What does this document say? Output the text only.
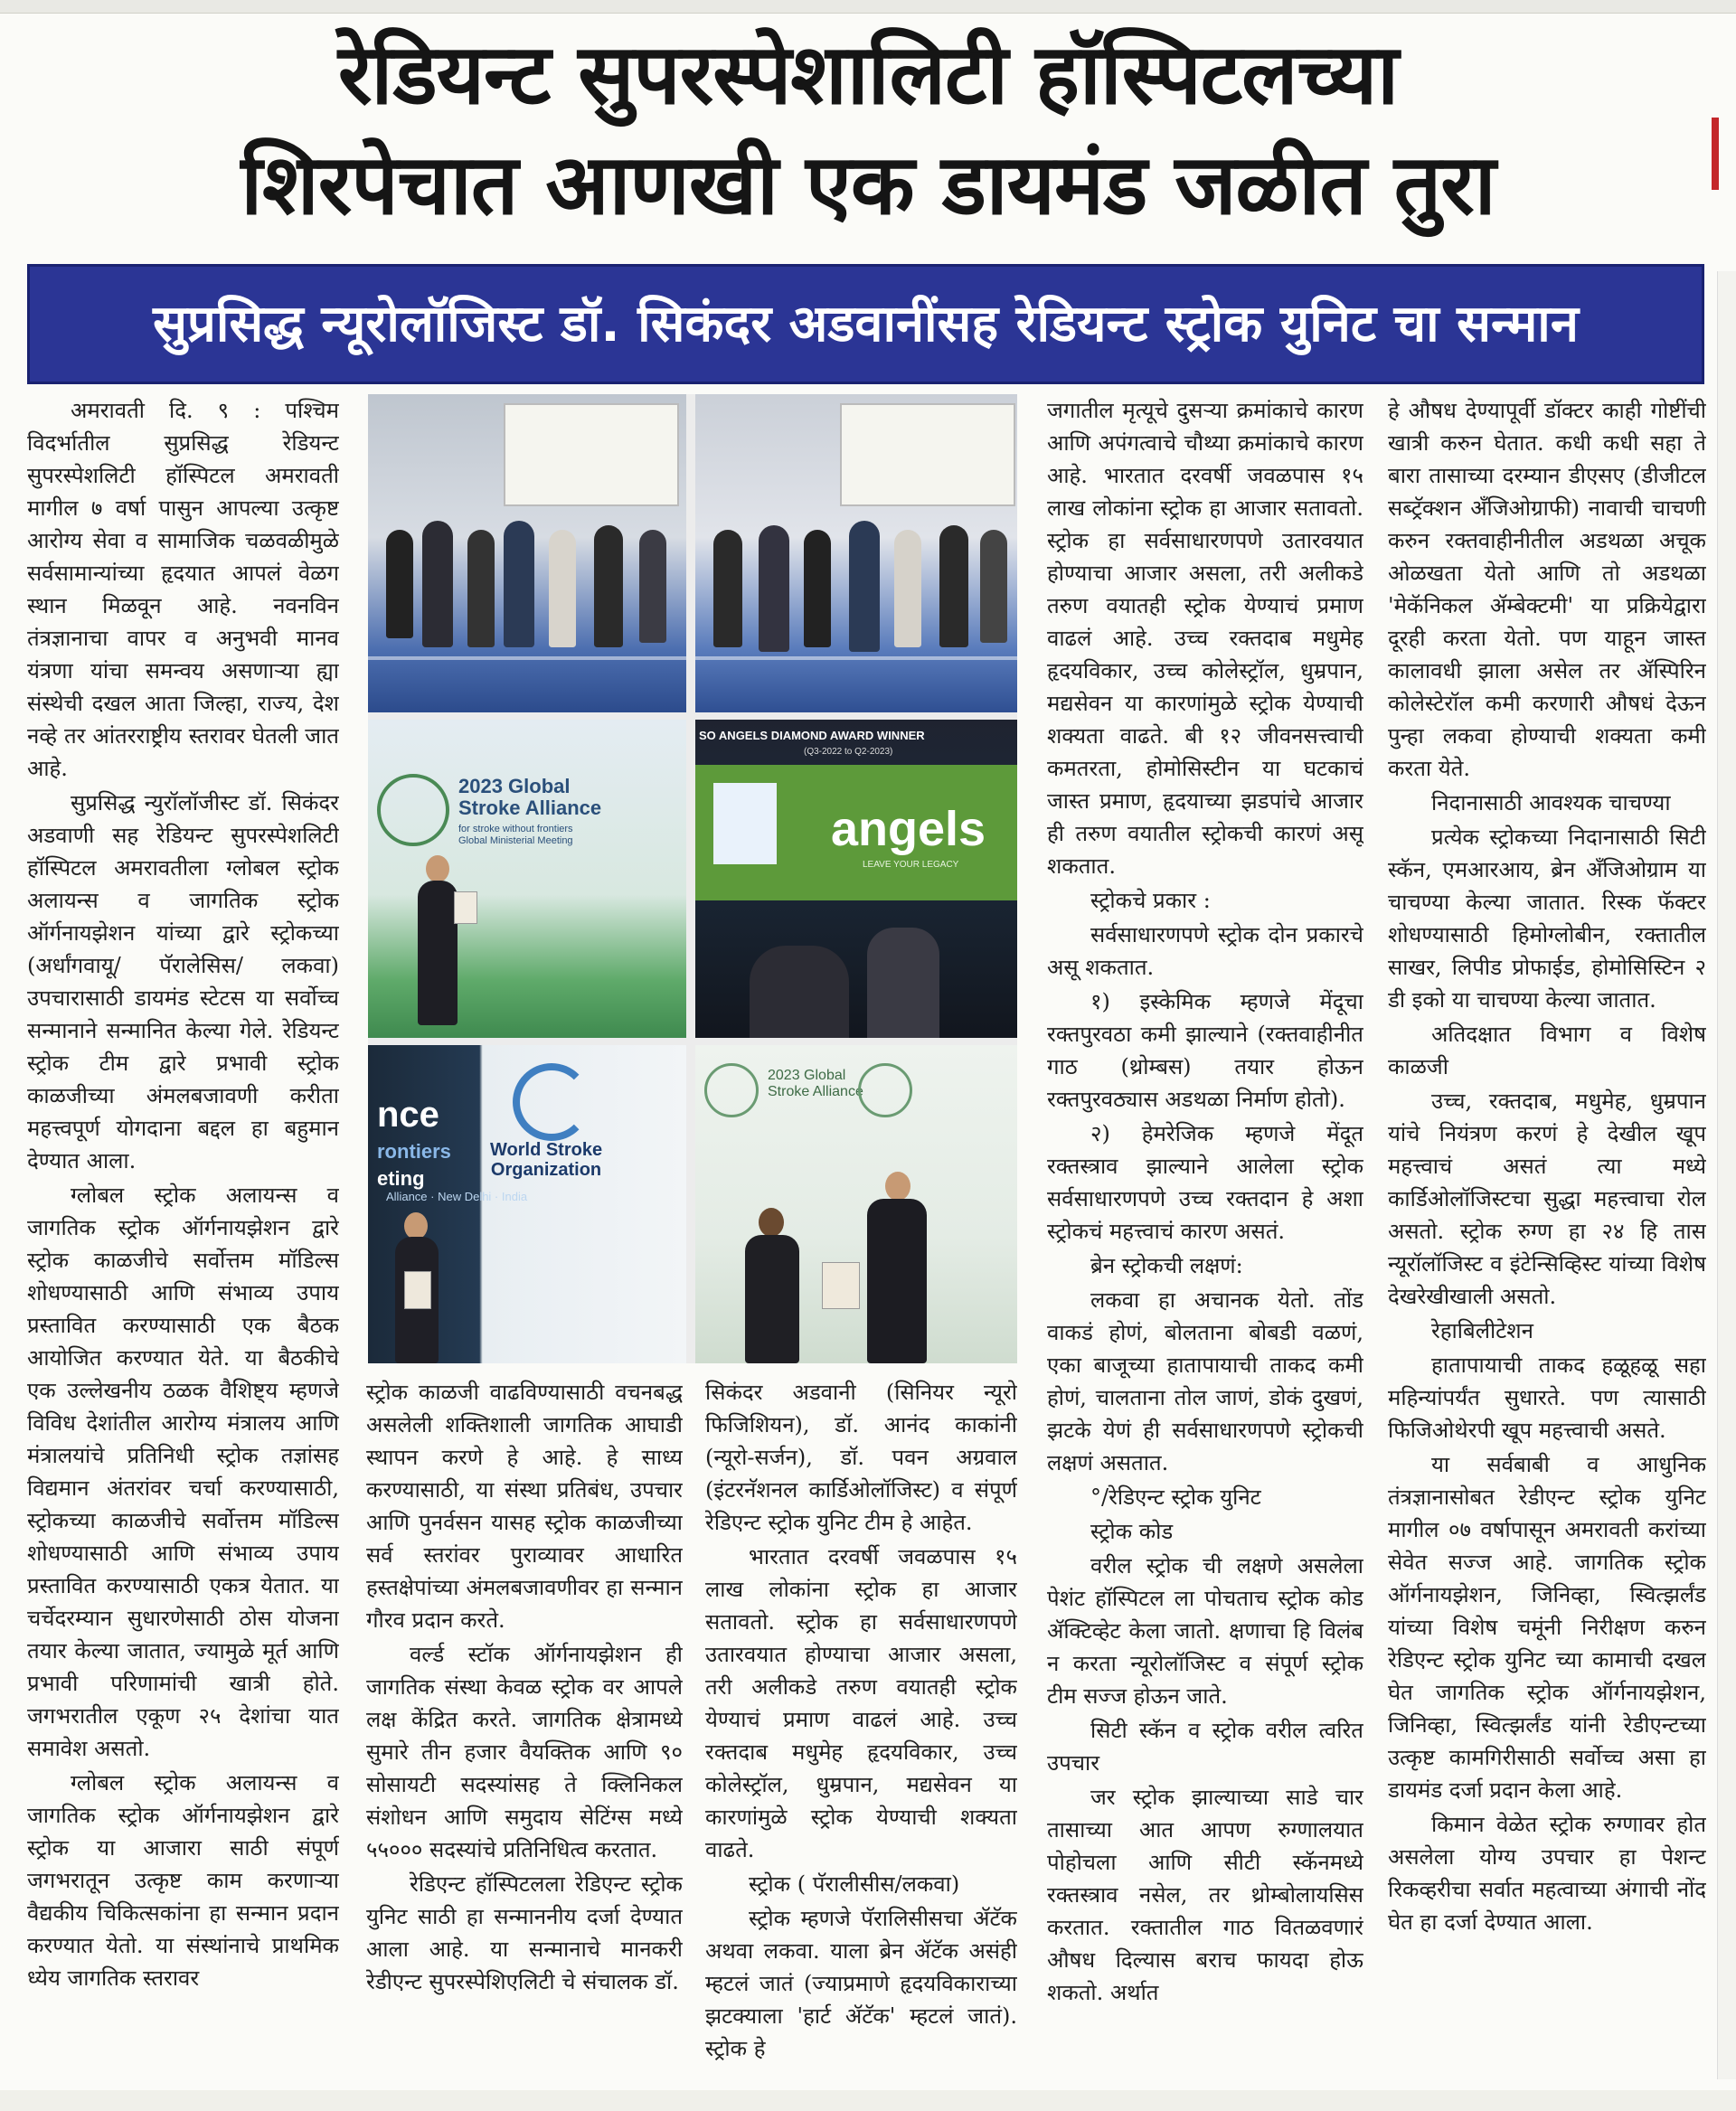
रेडियन्ट सुपरस्पेशालिटी हॉस्पिटलच्या
शिरपेचात आणखी एक डायमंड जळीत तुरा
सुप्रसिद्ध न्यूरोलॉजिस्ट डॉ. सिकंदर अडवानींसह रेडियन्ट स्ट्रोक युनिट चा सन्मान

अमरावती दि. ९ : पश्चिम विदर्भातील सुप्रसिद्ध रेडियन्ट सुपरस्पेशलिटी हॉस्पिटल अमरावती मागील ७ वर्षा पासुन आपल्या उत्कृष्ट आरोग्य सेवा व सामाजिक चळवळीमुळे सर्वसामान्यांच्या हृदयात आपलं वेळग स्थान मिळवून आहे. नवनविन तंत्रज्ञानाचा वापर व अनुभवी मानव यंत्रणा यांचा समन्वय असणाऱ्या ह्या संस्थेची दखल आता जिल्हा, राज्य, देश नव्हे तर आंतरराष्ट्रीय स्तरावर घेतली जात आहे.

सुप्रसिद्ध न्युरॉलॉजीस्ट डॉ. सिकंदर अडवाणी सह रेडियन्ट सुपरस्पेशलिटी हॉस्पिटल अमरावतीला ग्लोबल स्ट्रोक अलायन्स व जागतिक स्ट्रोक ऑर्गनायझेशन यांच्या द्वारे स्ट्रोकच्या (अर्धांगवायू/ पॅरालेसिस/ लकवा) उपचारासाठी डायमंड स्टेटस या सर्वोच्च सन्मानाने सन्मानित केल्या गेले. रेडियन्ट स्ट्रोक टीम द्वारे प्रभावी स्ट्रोक काळजीच्या अंमलबजावणी करीता महत्त्वपूर्ण योगदाना बद्दल हा बहुमान देण्यात आला.

ग्लोबल स्ट्रोक अलायन्स व जागतिक स्ट्रोक ऑर्गनायझेशन द्वारे स्ट्रोक काळजीचे सर्वोत्तम मॉडिल्स शोधण्यासाठी आणि संभाव्य उपाय प्रस्तावित करण्यासाठी एक बैठक आयोजित करण्यात येते. या बैठकीचे एक उल्लेखनीय ठळक वैशिष्ट्य म्हणजे विविध देशांतील आरोग्य मंत्रालय आणि मंत्रालयांचे प्रतिनिधी स्ट्रोक तज्ञांसह विद्यमान अंतरांवर चर्चा करण्यासाठी, स्ट्रोकच्या काळजीचे सर्वोत्तम मॉडिल्स शोधण्यासाठी आणि संभाव्य उपाय प्रस्तावित करण्यासाठी एकत्र येतात. या चर्चेदरम्यान सुधारणेसाठी ठोस योजना तयार केल्या जातात, ज्यामुळे मूर्त आणि प्रभावी परिणामांची खात्री होते. जगभरातील एकूण २५ देशांचा यात समावेश असतो.

ग्लोबल स्ट्रोक अलायन्स व जागतिक स्ट्रोक ऑर्गनायझेशन द्वारे स्ट्रोक या आजारा साठी संपूर्ण जगभरातून उत्कृष्ट काम करणाऱ्या वैद्यकीय चिकित्सकांना हा सन्मान प्रदान करण्यात येतो. या संस्थांनाचे प्राथमिक ध्येय जागतिक स्तरावर

2023 Global
Stroke Alliance
for stroke without frontiers
Global Ministerial Meeting
SO ANGELS DIAMOND AWARD WINNER
(Q3-2022 to Q2-2023)
angels
LEAVE YOUR LEGACY
nce
rontiers
eting
World Stroke
Organization
Alliance · New Delhi · India
2023 Global
Stroke Alliance

स्ट्रोक काळजी वाढविण्यासाठी वचनबद्ध असलेली शक्तिशाली जागतिक आघाडी स्थापन करणे हे आहे. हे साध्य करण्यासाठी, या संस्था प्रतिबंध, उपचार आणि पुनर्वसन यासह स्ट्रोक काळजीच्या सर्व स्तरांवर पुराव्यावर आधारित हस्तक्षेपांच्या अंमलबजावणीवर हा सन्मान गौरव प्रदान करते.

वर्ल्ड स्टॉक ऑर्गनायझेशन ही जागतिक संस्था केवळ स्ट्रोक वर आपले लक्ष केंद्रित करते. जागतिक क्षेत्रामध्ये सुमारे तीन हजार वैयक्तिक आणि ९० सोसायटी सदस्यांसह ते क्लिनिकल संशोधन आणि समुदाय सेटिंग्स मध्ये ५५००० सदस्यांचे प्रतिनिधित्व करतात.

रेडिएन्ट हॉस्पिटलला रेडिएन्ट स्ट्रोक युनिट साठी हा सन्माननीय दर्जा देण्यात आला आहे. या सन्मानाचे मानकरी रेडीएन्ट सुपरस्पेशिएलिटी चे संचालक डॉ.

सिकंदर अडवानी (सिनियर न्यूरो फिजिशियन), डॉ. आनंद काकांनी (न्यूरो-सर्जन), डॉ. पवन अग्रवाल (इंटरनॅशनल कार्डिओलॉजिस्ट) व संपूर्ण रेडिएन्ट स्ट्रोक युनिट टीम हे आहेत.

भारतात दरवर्षी जवळपास १५ लाख लोकांना स्ट्रोक हा आजार सतावतो. स्ट्रोक हा सर्वसाधारणपणे उतारवयात होण्याचा आजार असला, तरी अलीकडे तरुण वयातही स्ट्रोक येण्याचं प्रमाण वाढलं आहे. उच्च रक्तदाब मधुमेह हृदयविकार, उच्च कोलेस्ट्रॉल, धुम्रपान, मद्यसेवन या कारणांमुळे स्ट्रोक येण्याची शक्यता वाढते.

स्ट्रोक ( पॅरालीसीस/लकवा)

स्ट्रोक म्हणजे पॅरालिसीसचा ॲटॅक अथवा लकवा. याला ब्रेन ॲटॅक असंही म्हटलं जातं (ज्याप्रमाणे हृदयविकाराच्या झटक्याला 'हार्ट ॲटॅक' म्हटलं जातं). स्ट्रोक हे

जगातील मृत्यूचे दुसऱ्या क्रमांकाचे कारण आणि अपंगत्वाचे चौथ्या क्रमांकाचे कारण आहे. भारतात दरवर्षी जवळपास १५ लाख लोकांना स्ट्रोक हा आजार सतावतो. स्ट्रोक हा सर्वसाधारणपणे उतारवयात होण्याचा आजार असला, तरी अलीकडे तरुण वयातही स्ट्रोक येण्याचं प्रमाण वाढलं आहे. उच्च रक्तदाब मधुमेह हृदयविकार, उच्च कोलेस्ट्रॉल, धुम्रपान, मद्यसेवन या कारणांमुळे स्ट्रोक येण्याची शक्यता वाढते. बी १२ जीवनसत्त्वाची कमतरता, होमोसिस्टीन या घटकाचं जास्त प्रमाण, हृदयाच्या झडपांचे आजार ही तरुण वयातील स्ट्रोकची कारणं असू शकतात.

स्ट्रोकचे प्रकार :

सर्वसाधारणपणे स्ट्रोक दोन प्रकारचे असू शकतात.

१) इस्केमिक म्हणजे मेंदूचा रक्तपुरवठा कमी झाल्याने (रक्तवाहीनीत गाठ (थ्रोम्बस) तयार होऊन रक्तपुरवठ्यास अडथळा निर्माण होतो).

२) हेमरेजिक म्हणजे मेंदूत रक्तस्त्राव झाल्याने आलेला स्ट्रोक सर्वसाधारणपणे उच्च रक्तदान हे अशा स्ट्रोकचं महत्त्वाचं कारण असतं.

ब्रेन स्ट्रोकची लक्षणं:

लकवा हा अचानक येतो. तोंड वाकडं होणं, बोलताना बोबडी वळणं, एका बाजूच्या हातापायाची ताकद कमी होणं, चालताना तोल जाणं, डोकं दुखणं, झटके येणं ही सर्वसाधारणपणे स्ट्रोकची लक्षणं असतात.

°/रेडिएन्ट स्ट्रोक युनिट

स्ट्रोक कोड

वरील स्ट्रोक ची लक्षणे असलेला पेशंट हॉस्पिटल ला पोचताच स्ट्रोक कोड ॲक्टिव्हेट केला जातो. क्षणाचा हि विलंब न करता न्यूरोलॉजिस्ट व संपूर्ण स्ट्रोक टीम सज्ज होऊन जाते.

सिटी स्कॅन व स्ट्रोक वरील त्वरित उपचार

जर स्ट्रोक झाल्याच्या साडे चार तासाच्या आत आपण रुग्णालयात पोहोचला आणि सीटी स्कॅनमध्ये रक्तस्त्राव नसेल, तर थ्रोम्बोलायसिस करतात. रक्तातील गाठ वितळवणारं औषध दिल्यास बराच फायदा होऊ शकतो. अर्थात

हे औषध देण्यापूर्वी डॉक्टर काही गोष्टींची खात्री करुन घेतात. कधी कधी सहा ते बारा तासाच्या दरम्यान डीएसए (डीजीटल सब्ट्रॅक्शन अँजिओग्राफी) नावाची चाचणी करुन रक्तवाहीनीतील अडथळा अचूक ओळखता येतो आणि तो अडथळा 'मेकॅनिकल ॲम्बेक्टमी' या प्रक्रियेद्वारा दूरही करता येतो. पण याहून जास्त कालावधी झाला असेल तर ॲस्पिरिन कोलेस्टेरॉल कमी करणारी औषधं देऊन पुन्हा लकवा होण्याची शक्यता कमी करता येते.

निदानासाठी आवश्यक चाचण्या

प्रत्येक स्ट्रोकच्या निदानासाठी सिटी स्कॅन, एमआरआय, ब्रेन अँजिओग्राम या चाचण्या केल्या जातात. रिस्क फॅक्टर शोधण्यासाठी हिमोग्लोबीन, रक्तातील साखर, लिपीड प्रोफाईड, होमोसिस्टिन २ डी इको या चाचण्या केल्या जातात.

अतिदक्षात विभाग व विशेष काळजी

उच्च, रक्तदाब, मधुमेह, धुम्रपान यांचे नियंत्रण करणं हे देखील खूप महत्त्वाचं असतं त्या मध्ये कार्डिओलॉजिस्टचा सुद्धा महत्त्वाचा रोल असतो. स्ट्रोक रुग्ण हा २४ हि तास न्यूरॉलॉजिस्ट व इंटेन्सिव्हिस्ट यांच्या विशेष देखरेखीखाली असतो.

रेहाबिलीटेशन

हातापायाची ताकद हळूहळू सहा महिन्यांपर्यंत सुधारते. पण त्यासाठी फिजिओथेरपी खूप महत्त्वाची असते.

या सर्वबाबी व आधुनिक तंत्रज्ञानासोबत रेडीएन्ट स्ट्रोक युनिट मागील ०७ वर्षापासून अमरावती करांच्या सेवेत सज्ज आहे. जागतिक स्ट्रोक ऑर्गनायझेशन, जिनिव्हा, स्वित्झर्लंड यांच्या विशेष चमूंनी निरीक्षण करुन रेडिएन्ट स्ट्रोक युनिट च्या कामाची दखल घेत जागतिक स्ट्रोक ऑर्गनायझेशन, जिनिव्हा, स्वित्झर्लंड यांनी रेडीएन्टच्या उत्कृष्ट कामगिरीसाठी सर्वोच्च असा हा डायमंड दर्जा प्रदान केला आहे.

किमान वेळेत स्ट्रोक रुग्णावर होत असलेला योग्य उपचार हा पेशन्ट रिकव्हरीचा सर्वात महत्वाच्या अंगाची नोंद घेत हा दर्जा देण्यात आला.
